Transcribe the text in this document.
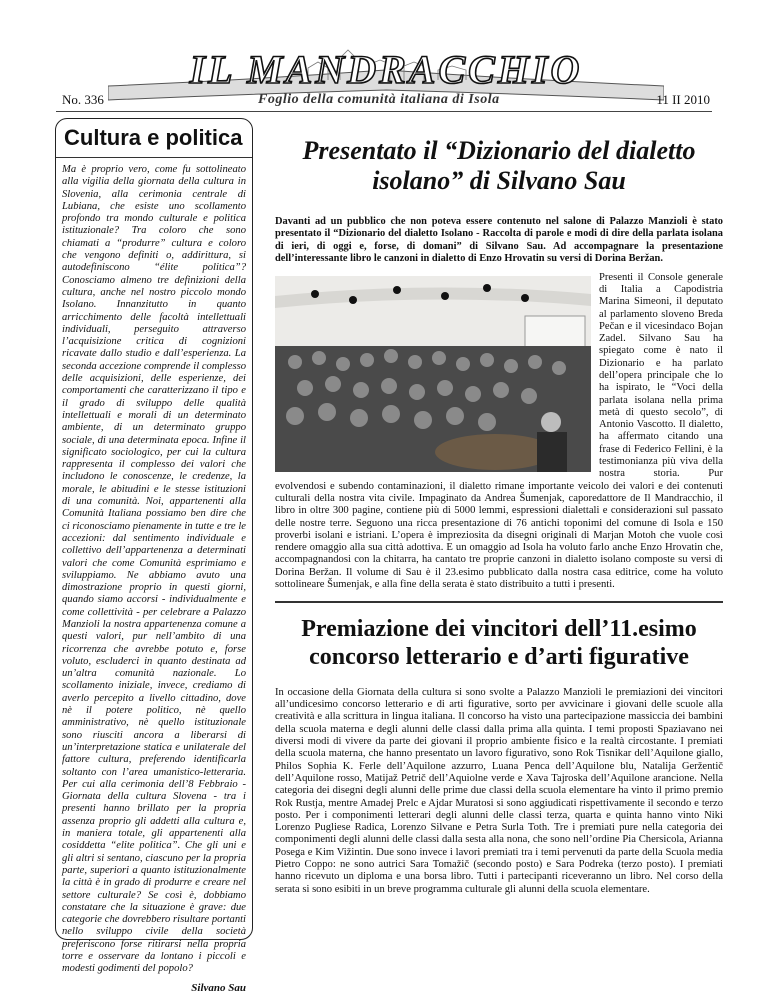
IL MANDRACCHIO
Foglio della comunità italiana di Isola
No. 336	11 II 2010
Cultura e politica

Ma è proprio vero, come fu sottolineato alla vigilia della giornata della cultura in Slovenia, alla cerimonia centrale di Lubiana, che esiste uno scollamento profondo tra mondo culturale e politica istituzionale? Tra coloro che sono chiamati a “produrre” cultura e coloro che vengono definiti o, addirittura, si autodefiniscono “élite politica”? Conosciamo almeno tre definizioni della cultura, anche nel nostro piccolo mondo Isolano. Innanzitutto in quanto arricchimento delle facoltà intellettuali individuali, perseguito attraverso l’acquisizione critica di cognizioni ricavate dallo studio e dall’esperienza. La seconda accezione comprende il complesso delle acquisizioni, delle esperienze, dei comportamenti che caratterizzano il tipo e il grado di sviluppo delle qualità intellettuali e morali di un determinato ambiente, di un determinato gruppo sociale, di una determinata epoca. Infine il significato sociologico, per cui la cultura rappresenta il complesso dei valori che includono le conoscenze, le credenze, la morale, le abitudini e le stesse istituzioni di una comunità. Noi, appartenenti alla Comunità Italiana possiamo ben dire che ci riconosciamo pienamente in tutte e tre le accezioni: dal sentimento individuale e collettivo dell’appartenenza a determinati valori che come Comunità esprimiamo e sviluppiamo. Ne abbiamo avuto una dimostrazione proprio in questi giorni, quando siamo accorsi - individualmente e come collettività - per celebrare a Palazzo Manzioli la nostra appartenenza comune a questi valori, pur nell’ambito di una ricorrenza che avrebbe potuto e, forse voluto, escluderci in quanto destinata ad un’altra comunità nazionale. Lo scollamento iniziale, invece, crediamo di averlo percepito a livello cittadino, dove nè il potere politico, nè quello amministrativo, nè quello istituzionale sono riusciti ancora a liberarsi di un’interpretazione statica e unilaterale del fattore cultura, preferendo identificarla soltanto con l’area umanistico-letteraria. Per cui alla cerimonia dell’8 Febbraio - Giornata della cultura Slovena - tra i presenti hanno brillato per la propria assenza proprio gli addetti alla cultura e, in maniera totale, gli appartenenti alla cosiddetta “elite politica”. Che gli uni e gli altri si sentano, ciascuno per la propria parte, superiori a quanto istituzionalmente la città è in grado di produrre e creare nel settore culturale? Se così è, dobbiamo constatare che la situazione è grave: due categorie che dovrebbero risultare portanti nello sviluppo civile della società preferiscono forse ritirarsi nella propria torre e osservare da lontano i piccoli e modesti godimenti del popolo?

Silvano Sau
Presentato il “Dizionario del dialetto isolano” di Silvano Sau
Davanti ad un pubblico che non poteva essere contenuto nel salone di Palazzo Manzioli è stato presentato il “Dizionario del dialetto Isolano - Raccolta di parole e modi di dire della parlata isolana di ieri, di oggi e, forse, di domani” di Silvano Sau. Ad accompagnare la presentazione dell’interessante libro le canzoni in dialetto di Enzo Hrovatin su versi di Dorina Beržan.
Presenti il Console generale di Italia a Capodistria Marina Simeoni, il deputato al parlamento sloveno Breda Pečan e il vicesindaco Bojan Zadel. Silvano Sau ha spiegato come è nato il Dizionario e ha parlato dell’opera principale che lo ha ispirato, le “Voci della parlata isolana nella prima metà di questo secolo”, di Antonio Vascotto. Il dialetto, ha affermato citando una frase di Federico Fellini, è la testimonianza più viva della nostra storia. Pur evolvendosi e subendo contaminazioni, il dialetto rimane importante veicolo dei valori e dei contenuti culturali della nostra vita civile. Impaginato da Andrea Šumenjak, caporedattore de Il Mandracchio, il libro in oltre 300 pagine, contiene più di 5000 lemmi, espressioni dialettali e considerazioni sul passato delle nostre terre. Seguono una ricca presentazione di 76 antichi toponimi del comune di Isola e 150 proverbi isolani e istriani. L’opera è impreziosita da disegni originali di Marjan Motoh che vuole così rendere omaggio alla sua città adottiva. E un omaggio ad Isola ha voluto farlo anche Enzo Hrovatin che, accompagnandosi con la chitarra, ha cantato tre proprie canzoni in dialetto isolano composte su versi di Dorina Beržan. Il volume di Sau è il 23.esimo pubblicato dalla nostra casa editrice, come ha voluto sottolineare Šumenjak, e alla fine della serata è stato distribuito a tutti i presenti.
Premiazione dei vincitori dell’11.esimo concorso letterario e d’arti figurative
In occasione della Giornata della cultura si sono svolte a Palazzo Manzioli le premiazioni dei vincitori all’undicesimo concorso letterario e di arti figurative, sorto per avvicinare i giovani delle scuole alla creatività e alla scrittura in lingua italiana. Il concorso ha visto una partecipazione massiccia dei bambini della scuola materna e degli alunni delle classi dalla prima alla quinta. I temi proposti Spaziavano nei diversi modi di vivere da parte dei giovani il proprio ambiente fisico e la realtà circostante. I premiati della scuola materna, che hanno presentato un lavoro figurativo, sono Rok Tisnikar dell’Aquilone giallo, Philos Sophia K. Ferle dell’Aquilone azzurro, Luana Penca dell’Aquilone blu, Natalija Geržentič dell’Aquilone rosso, Matijaž Petrič dell’Aquiolne verde e Xava Tajroska dell’Aquilone arancione. Nella categoria dei disegni degli alunni delle prime due classi della scuola elementare ha vinto il primo premio Rok Rustja, mentre Amadej Prelc e Ajdar Muratosi si sono aggiudicati rispettivamente il secondo e terzo posto. Per i componimenti letterari degli alunni delle classi terza, quarta e quinta hanno vinto Niki Lorenzo Pugliese Radica, Lorenzo Silvane e Petra Surla Toth. Tre i premiati pure nella categoria dei componimenti degli alunni delle classi dalla sesta alla nona, che sono nell’ordine Pia Chersicola, Arianna Posega e Kim Vižintin. Due sono invece i lavori premiati tra i temi pervenuti da parte della Scuola media Pietro Coppo: ne sono autrici Sara Tomažič (secondo posto) e Sara Podreka (terzo posto). I premiati hanno ricevuto un diploma e una borsa libro. Tutti i partecipanti riceveranno un libro. Nel corso della serata si sono esibiti in un breve programma culturale gli alunni della scuola elementare.
